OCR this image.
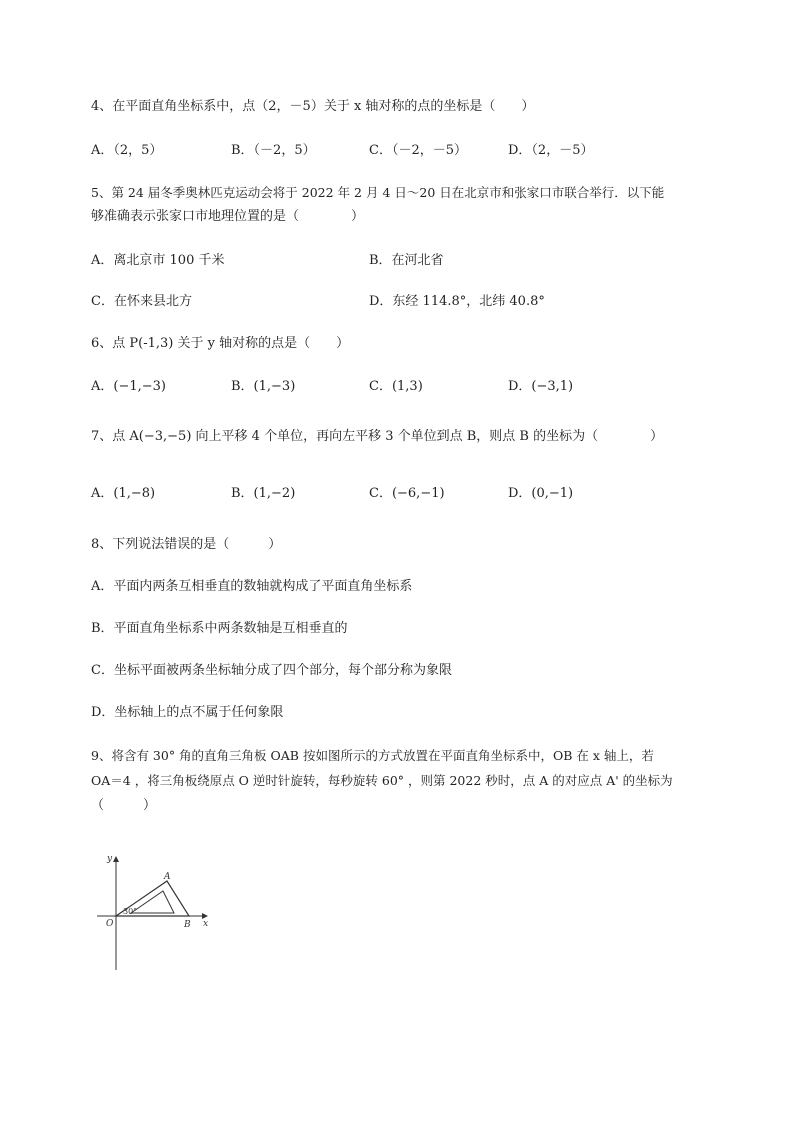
4、在平面直角坐标系中，点（2，－5）关于 x 轴对称的点的坐标是（　　）
A．（2，5）	B．（－2，5）	C．（－2，－5）	D．（2，－5）
5、第 24 届冬季奥林匹克运动会将于 2022 年 2 月 4 日～20 日在北京市和张家口市联合举行．以下能
够准确表示张家口市地理位置的是（　　　　）
A．离北京市 100 千米	B．在河北省
C．在怀来县北方	D．东经 114.8°，北纬 40.8°
6、点 P(-1,3) 关于 y 轴对称的点是（　　）
A．(−1,−3)	B．(1,−3)	C．(1,3)	D．(−3,1)
7、点 A(−3,−5) 向上平移 4 个单位，再向左平移 3 个单位到点 B，则点 B 的坐标为（　　　　）
A．(1,−8)	B．(1,−2)	C．(−6,−1)	D．(0,−1)
8、下列说法错误的是（　　　）
A．平面内两条互相垂直的数轴就构成了平面直角坐标系
B．平面直角坐标系中两条数轴是互相垂直的
C．坐标平面被两条坐标轴分成了四个部分，每个部分称为象限
D．坐标轴上的点不属于任何象限
9、将含有 30° 角的直角三角板 OAB 按如图所示的方式放置在平面直角坐标系中，OB 在 x 轴上，若
OA＝4 ，将三角板绕原点 O 逆时针旋转，每秒旋转 60° ，则第 2022 秒时，点 A 的对应点 A' 的坐标为
（　　　）
y
x
O
A
B
30°
